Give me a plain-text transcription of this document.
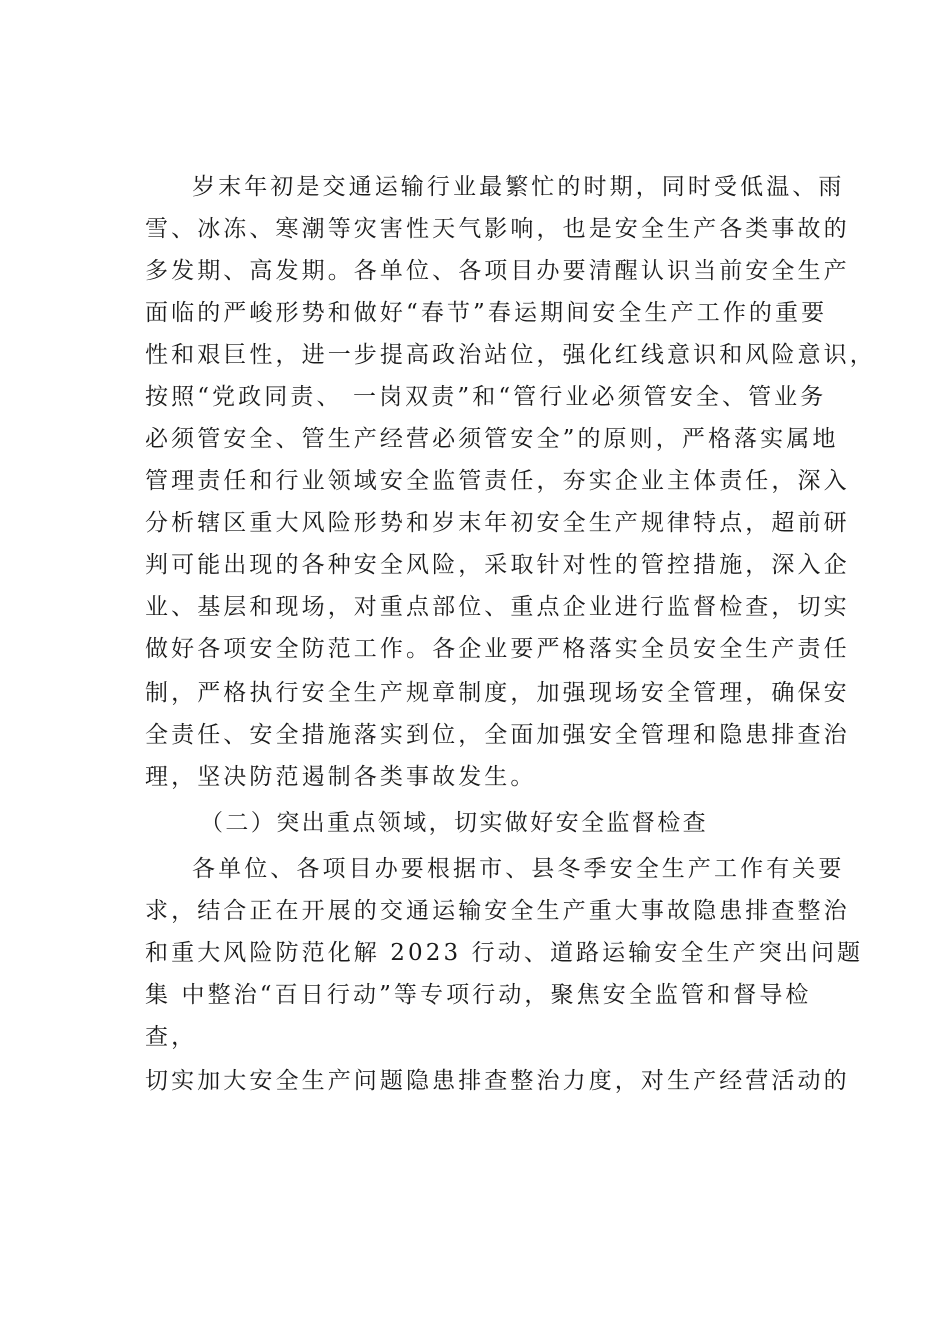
岁末年初是交通运输行业最繁忙的时期，同时受低温、雨
雪、冰冻、寒潮等灾害性天气影响，也是安全生产各类事故的
多发期、高发期。各单位、各项目办要清醒认识当前安全生产
面临的严峻形势和做好“春节”春运期间安全生产工作的重要
性和艰巨性，进一步提高政治站位，强化红线意识和风险意识，
按照“党政同责、 一岗双责”和“管行业必须管安全、管业务
必须管安全、管生产经营必须管安全”的原则，严格落实属地
管理责任和行业领域安全监管责任，夯实企业主体责任，深入
分析辖区重大风险形势和岁末年初安全生产规律特点，超前研
判可能出现的各种安全风险，采取针对性的管控措施，深入企
业、基层和现场，对重点部位、重点企业进行监督检查，切实
做好各项安全防范工作。各企业要严格落实全员安全生产责任
制，严格执行安全生产规章制度，加强现场安全管理，确保安
全责任、安全措施落实到位，全面加强安全管理和隐患排查治
理，坚决防范遏制各类事故发生。
（二）突出重点领域，切实做好安全监督检查
各单位、各项目办要根据市、县冬季安全生产工作有关要
求，结合正在开展的交通运输安全生产重大事故隐患排查整治
和重大风险防范化解 2023 行动、道路运输安全生产突出问题
集 中整治“百日行动”等专项行动，聚焦安全监管和督导检
查，
切实加大安全生产问题隐患排查整治力度，对生产经营活动的
